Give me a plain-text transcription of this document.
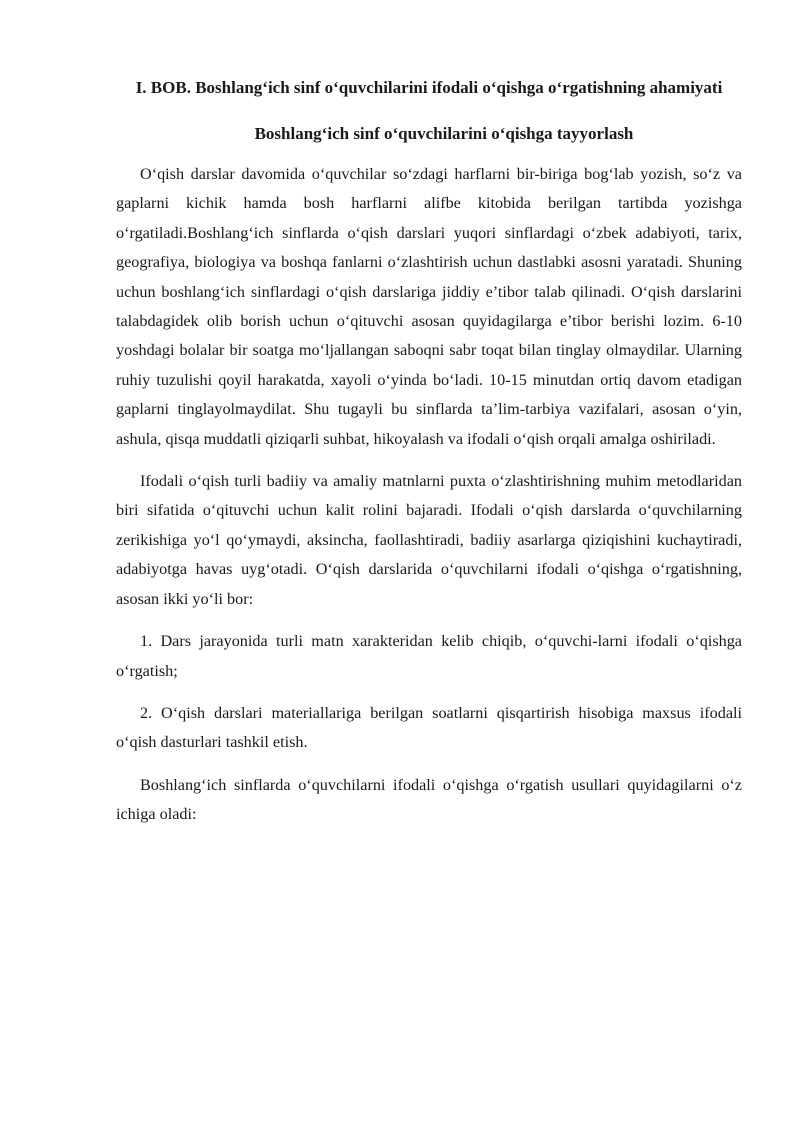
I. BOB. Boshlang‘ich sinf o‘quvchilarini ifodali o‘qishga o‘rgatishning ahamiyati
Boshlang‘ich sinf o‘quvchilarini o‘qishga tayyorlash

O‘qish darslar davomida o‘quvchilar so‘zdagi harflarni bir-biriga bog‘lab yozish, so‘z va gaplarni kichik hamda bosh harflarni alifbe kitobida berilgan tartibda yozishga o‘rgatiladi.Boshlang‘ich sinflarda o‘qish darslari yuqori sinflardagi o‘zbek adabiyoti, tarix, geografiya, biologiya va boshqa fanlarni o‘zlashtirish uchun dastlabki asosni yaratadi. Shuning uchun boshlang‘ich sinflardagi o‘qish darslariga jiddiy e’tibor talab qilinadi. O‘qish darslarini talabdagidek olib borish uchun o‘qituvchi asosan quyidagilarga e’tibor berishi lozim. 6-10 yoshdagi bolalar bir soatga mo‘ljallangan saboqni sabr toqat bilan tinglay olmaydilar. Ularning ruhiy tuzulishi qoyil harakatda, xayoli o‘yinda bo‘ladi. 10-15 minutdan ortiq davom etadigan gaplarni tinglayolmaydilat. Shu tugayli bu sinflarda ta’lim-tarbiya vazifalari, asosan o‘yin, ashula, qisqa muddatli qiziqarli suhbat, hikoyalash va ifodali o‘qish orqali amalga oshiriladi.

Ifodali o‘qish turli badiiy va amaliy matnlarni puxta o‘zlashtirishning muhim metodlaridan biri sifatida o‘qituvchi uchun kalit rolini bajaradi. Ifodali o‘qish darslarda o‘quvchilarning zerikishiga yo‘l qo‘ymaydi, aksincha, faollashtiradi, badiiy asarlarga qiziqishini kuchaytiradi, adabiyotga havas uyg‘otadi. O‘qish darslarida o‘quvchilarni ifodali o‘qishga o‘rgatishning, asosan ikki yo‘li bor:

1. Dars jarayonida turli matn xarakteridan kelib chiqib, o‘quvchi-larni ifodali o‘qishga o‘rgatish;

2. O‘qish darslari materiallariga berilgan soatlarni qisqartirish hisobiga maxsus ifodali o‘qish dasturlari tashkil etish.

Boshlang‘ich sinflarda o‘quvchilarni ifodali o‘qishga o‘rgatish usullari quyidagilarni o‘z ichiga oladi:
